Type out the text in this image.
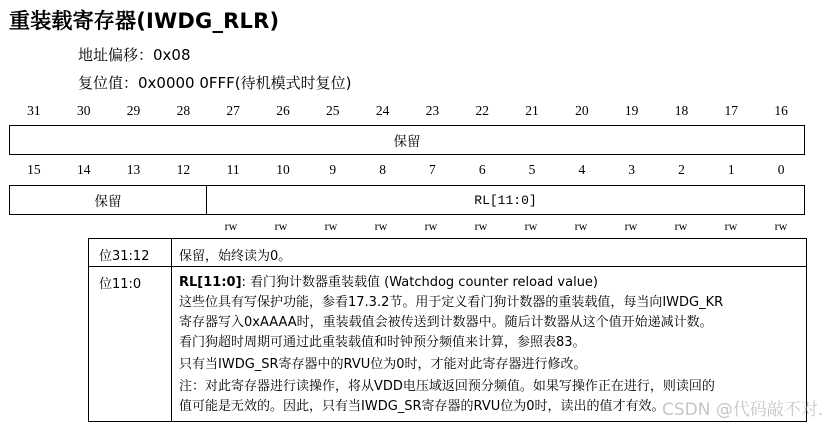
重装载寄存器(IWDG_RLR)
地址偏移：0x08
复位值：0x0000 0FFF(待机模式时复位)
31	30	29	28	27	26	25	24	23	22	21	20	19	18	17	16
保留
15	14	13	12	11	10	9	8	7	6	5	4	3	2	1	0
保留	RL[11:0]
rw	rw	rw	rw	rw	rw	rw	rw	rw	rw	rw	rw
位31:12 保留，始终读为0。
位11:0	RL[11:0]: 看门狗计数器重装载值 (Watchdog counter reload value)

这些位具有写保护功能，参看17.3.2节。用于定义看门狗计数器的重装载值，每当向IWDG_KR

寄存器写入0xAAAA时，重装载值会被传送到计数器中。随后计数器从这个值开始递减计数。

看门狗超时周期可通过此重装载值和时钟预分频值来计算，参照表83。

只有当IWDG_SR寄存器中的RVU位为0时，才能对此寄存器进行修改。

注：对此寄存器进行读操作，将从VDD电压域返回预分频值。如果写操作正在进行，则读回的

值可能是无效的。因此，只有当IWDG_SR寄存器的RVU位为0时，读出的值才有效。

CSDN @代码敲不对.
